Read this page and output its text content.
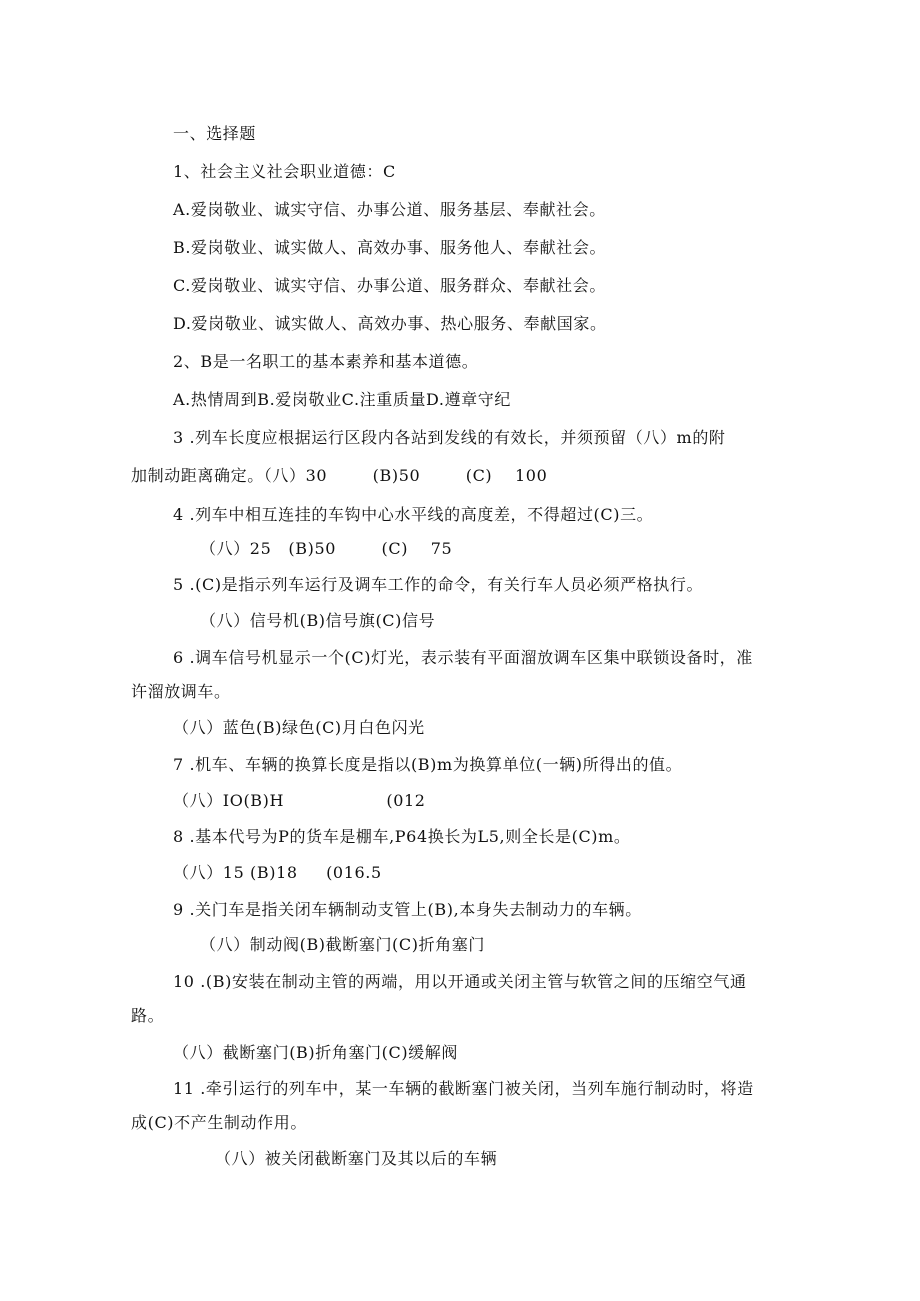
一、选择题
1、社会主义社会职业道德：C
A.爱岗敬业、诚实守信、办事公道、服务基层、奉献社会。
B.爱岗敬业、诚实做人、高效办事、服务他人、奉献社会。
C.爱岗敬业、诚实守信、办事公道、服务群众、奉献社会。
D.爱岗敬业、诚实做人、高效办事、热心服务、奉献国家。
2、B是一名职工的基本素养和基本道德。
A.热情周到B.爱岗敬业C.注重质量D.遵章守纪
3 .列车长度应根据运行区段内各站到发线的有效长，并须预留（八）m的附
加制动距离确定。（八）30        (B)50        (C)    100
4 .列车中相互连挂的车钩中心水平线的高度差，不得超过(C)三。
（八）25   (B)50        (C)    75
5 .(C)是指示列车运行及调车工作的命令，有关行车人员必须严格执行。
（八）信号机(B)信号旗(C)信号
6 .调车信号机显示一个(C)灯光，表示装有平面溜放调车区集中联锁设备时，准
许溜放调车。
（八）蓝色(B)绿色(C)月白色闪光
7 .机车、车辆的换算长度是指以(B)m为换算单位(一辆)所得出的值。
（八）IO(B)H                  (012
8 .基本代号为P的货车是棚车,P64换长为L5,则全长是(C)m。
（八）15 (B)18     (016.5
9 .关门车是指关闭车辆制动支管上(B),本身失去制动力的车辆。
（八）制动阀(B)截断塞门(C)折角塞门
10 .(B)安装在制动主管的两端，用以开通或关闭主管与软管之间的压缩空气通
路。
（八）截断塞门(B)折角塞门(C)缓解阀
11 .牵引运行的列车中，某一车辆的截断塞门被关闭，当列车施行制动时，将造
成(C)不产生制动作用。
（八）被关闭截断塞门及其以后的车辆
